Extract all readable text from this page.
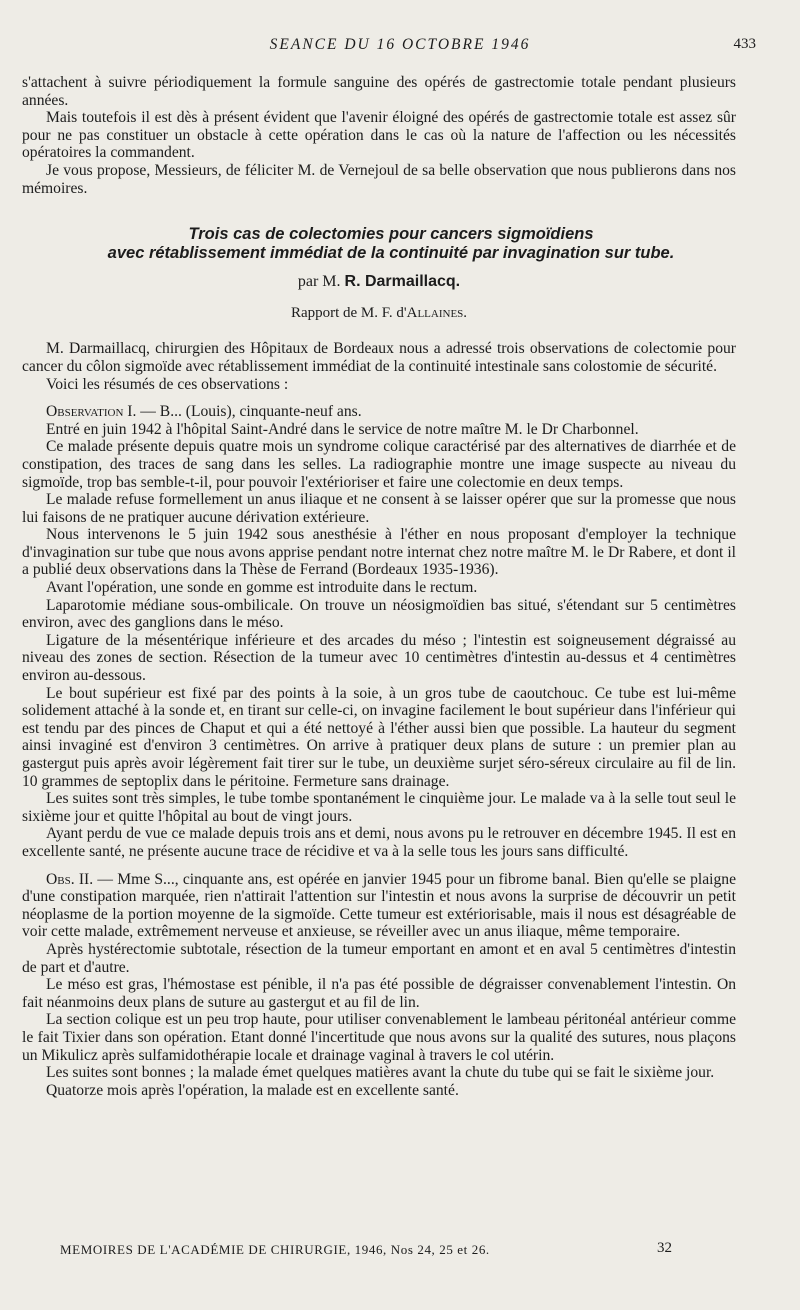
SEANCE DU 16 OCTOBRE 1946	433

s'attachent à suivre périodiquement la formule sanguine des opérés de gastrectomie totale pendant plusieurs années.

Mais toutefois il est dès à présent évident que l'avenir éloigné des opérés de gastrectomie totale est assez sûr pour ne pas constituer un obstacle à cette opération dans le cas où la nature de l'affection ou les nécessités opératoires la commandent.

Je vous propose, Messieurs, de féliciter M. de Vernejoul de sa belle observation que nous publierons dans nos mémoires.

Trois cas de colectomies pour cancers sigmoïdiens

avec rétablissement immédiat de la continuité par invagination sur tube.

par M. R. Darmaillacq.
Rapport de M. F. d'Allaines.

M. Darmaillacq, chirurgien des Hôpitaux de Bordeaux nous a adressé trois observations de colectomie pour cancer du côlon sigmoïde avec rétablissement immédiat de la continuité intestinale sans colostomie de sécurité.

Voici les résumés de ces observations :

Observation I. — B... (Louis), cinquante-neuf ans.

Entré en juin 1942 à l'hôpital Saint-André dans le service de notre maître M. le Dr Charbonnel.

Ce malade présente depuis quatre mois un syndrome colique caractérisé par des alternatives de diarrhée et de constipation, des traces de sang dans les selles. La radiographie montre une image suspecte au niveau du sigmoïde, trop bas semble-t-il, pour pouvoir l'extérioriser et faire une colectomie en deux temps.

Le malade refuse formellement un anus iliaque et ne consent à se laisser opérer que sur la promesse que nous lui faisons de ne pratiquer aucune dérivation extérieure.

Nous intervenons le 5 juin 1942 sous anesthésie à l'éther en nous proposant d'employer la technique d'invagination sur tube que nous avons apprise pendant notre internat chez notre maître M. le Dr Rabere, et dont il a publié deux observations dans la Thèse de Ferrand (Bordeaux 1935-1936).

Avant l'opération, une sonde en gomme est introduite dans le rectum.

Laparotomie médiane sous-ombilicale. On trouve un néosigmoïdien bas situé, s'étendant sur 5 centimètres environ, avec des ganglions dans le méso.

Ligature de la mésentérique inférieure et des arcades du méso ; l'intestin est soigneusement dégraissé au niveau des zones de section. Résection de la tumeur avec 10 centimètres d'intestin au-dessus et 4 centimètres environ au-dessous.

Le bout supérieur est fixé par des points à la soie, à un gros tube de caoutchouc. Ce tube est lui-même solidement attaché à la sonde et, en tirant sur celle-ci, on invagine facilement le bout supérieur dans l'inférieur qui est tendu par des pinces de Chaput et qui a été nettoyé à l'éther aussi bien que possible. La hauteur du segment ainsi invaginé est d'environ 3 centimètres. On arrive à pratiquer deux plans de suture : un premier plan au gastergut puis après avoir légèrement fait tirer sur le tube, un deuxième surjet séro-séreux circulaire au fil de lin. 10 grammes de septoplix dans le péritoine. Fermeture sans drainage.

Les suites sont très simples, le tube tombe spontanément le cinquième jour. Le malade va à la selle tout seul le sixième jour et quitte l'hôpital au bout de vingt jours.

Ayant perdu de vue ce malade depuis trois ans et demi, nous avons pu le retrouver en décembre 1945. Il est en excellente santé, ne présente aucune trace de récidive et va à la selle tous les jours sans difficulté.

Obs. II. — Mme S..., cinquante ans, est opérée en janvier 1945 pour un fibrome banal. Bien qu'elle se plaigne d'une constipation marquée, rien n'attirait l'attention sur l'intestin et nous avons la surprise de découvrir un petit néoplasme de la portion moyenne de la sigmoïde. Cette tumeur est extériorisable, mais il nous est désagréable de voir cette malade, extrêmement nerveuse et anxieuse, se réveiller avec un anus iliaque, même temporaire.

Après hystérectomie subtotale, résection de la tumeur emportant en amont et en aval 5 centimètres d'intestin de part et d'autre.

Le méso est gras, l'hémostase est pénible, il n'a pas été possible de dégraisser convenablement l'intestin. On fait néanmoins deux plans de suture au gastergut et au fil de lin.

La section colique est un peu trop haute, pour utiliser convenablement le lambeau péritonéal antérieur comme le fait Tixier dans son opération. Etant donné l'incertitude que nous avons sur la qualité des sutures, nous plaçons un Mikulicz après sulfamidothérapie locale et drainage vaginal à travers le col utérin.

Les suites sont bonnes ; la malade émet quelques matières avant la chute du tube qui se fait le sixième jour.

Quatorze mois après l'opération, la malade est en excellente santé.

MEMOIRES DE L'ACADÉMIE DE CHIRURGIE, 1946, Nos 24, 25 et 26.	32
